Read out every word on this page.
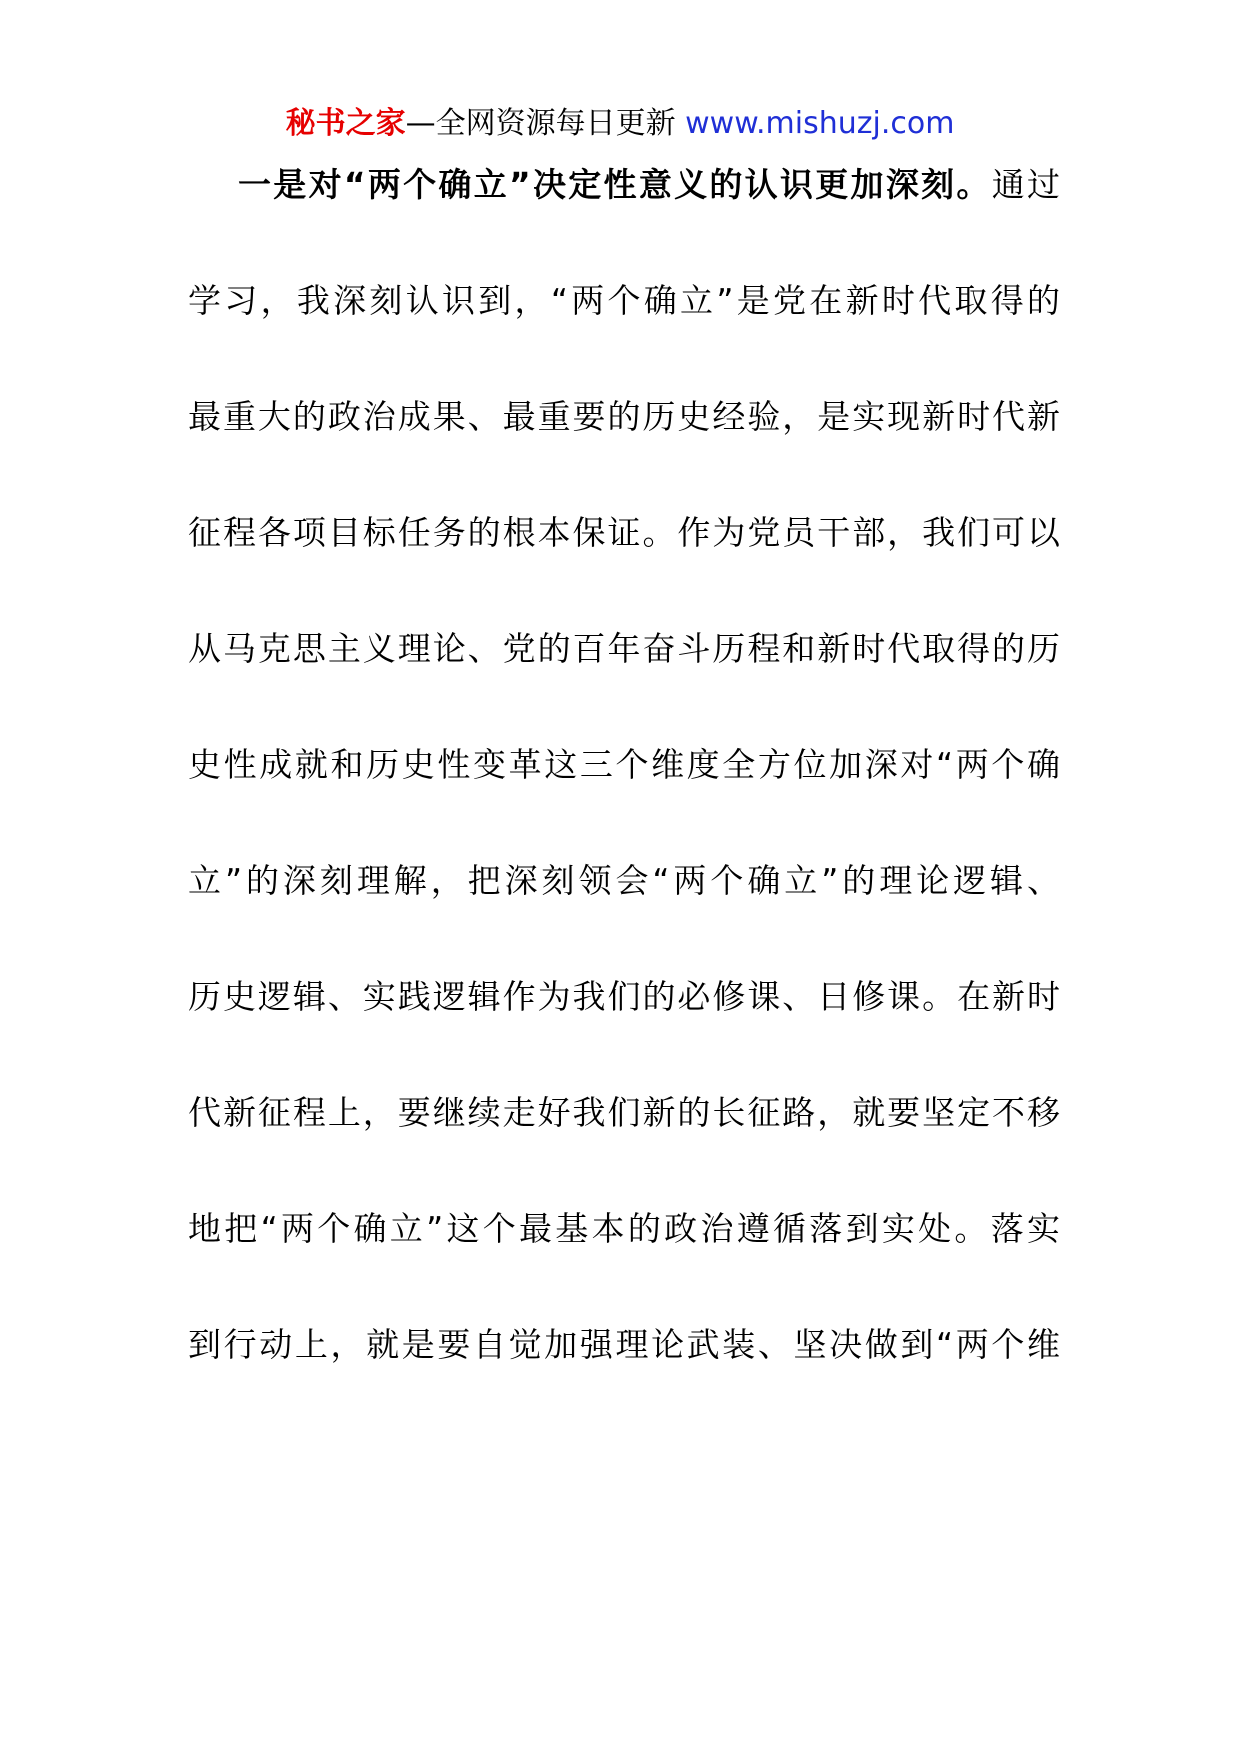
秘书之家—全网资源每日更新 www.mishuzj.com
一是对“两个确立”决定性意义的认识更加深刻。通过
学习，我深刻认识到，“两个确立”是党在新时代取得的
最重大的政治成果、最重要的历史经验，是实现新时代新
征程各项目标任务的根本保证。作为党员干部，我们可以
从马克思主义理论、党的百年奋斗历程和新时代取得的历
史性成就和历史性变革这三个维度全方位加深对“两个确
立”的深刻理解，把深刻领会“两个确立”的理论逻辑、
历史逻辑、实践逻辑作为我们的必修课、日修课。在新时
代新征程上，要继续走好我们新的长征路，就要坚定不移
地把“两个确立”这个最基本的政治遵循落到实处。落实
到行动上，就是要自觉加强理论武装、坚决做到“两个维
